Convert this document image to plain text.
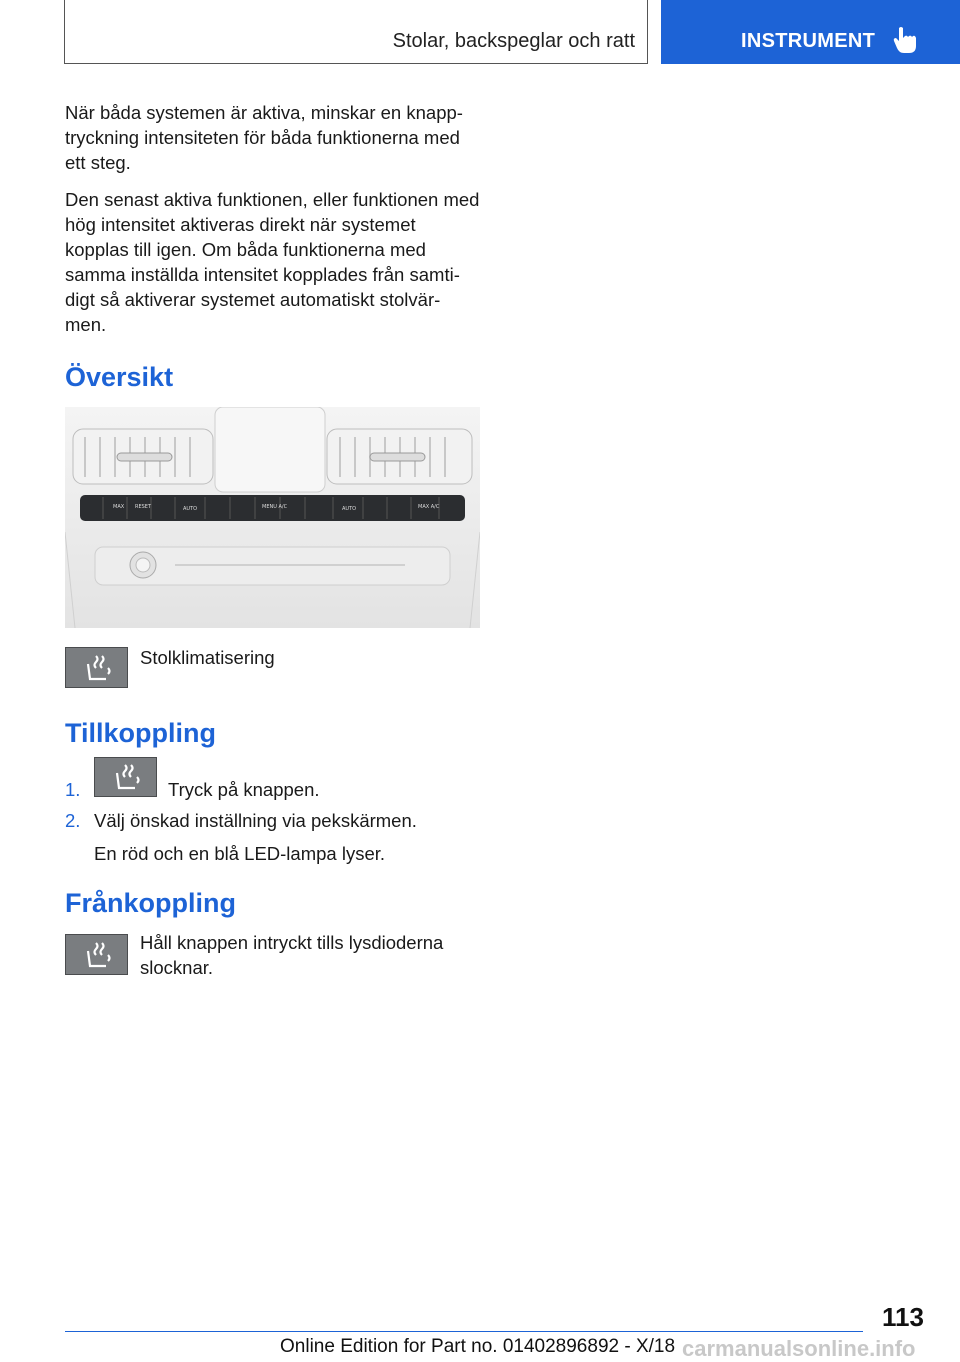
Stolar, backspeglar och ratt	INSTRUMENT

När båda systemen är aktiva, minskar en knapp-tryckning intensiteten för båda funktionerna med ett steg.

Den senast aktiva funktionen, eller funktionen med hög intensitet aktiveras direkt när systemet kopplas till igen. Om båda funktionerna med samma inställda intensitet kopplades från samti-digt så aktiverar systemet automatiskt stolvär-men.

Översikt
MAX RESET	AUTO	MENU A/C	AUTO	MAX A/C
Stolklimatisering
Tillkoppling
1.	Tryck på knappen.
2. Välj önskad inställning via pekskärmen.
En röd och en blå LED-lampa lyser.
Frånkoppling
Håll knappen intryckt tills lysdioderna
slocknar.
113
Online Edition for Part no. 01402896892 - X/18 carmanualsonline.info
